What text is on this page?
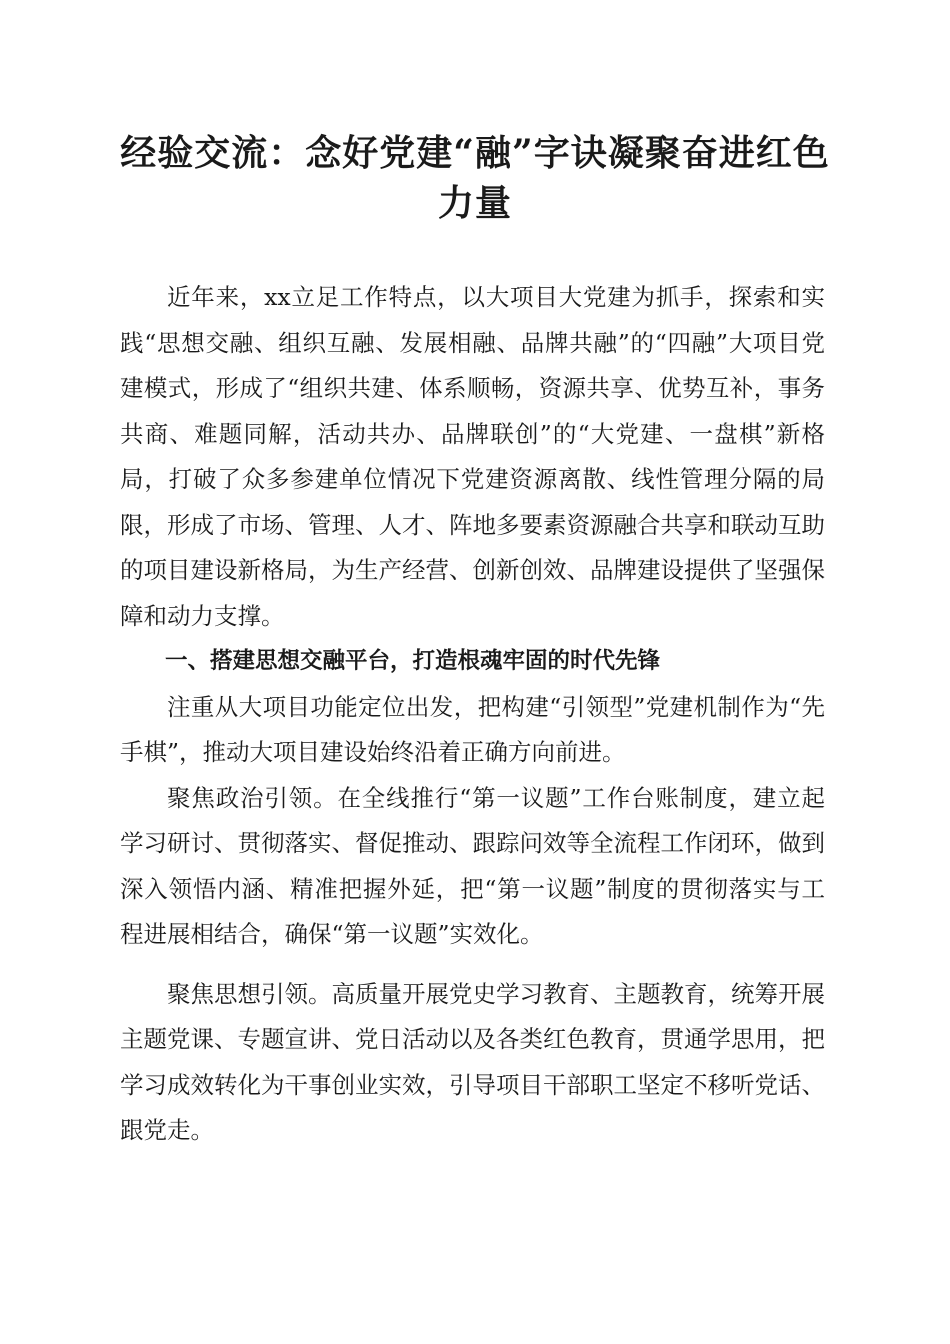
经验交流：念好党建“融”字诀凝聚奋进红色
力量

近年来，xx立足工作特点，以大项目大党建为抓手，探索和实践“思想交融、组织互融、发展相融、品牌共融”的“四融”大项目党建模式，形成了“组织共建、体系顺畅，资源共享、优势互补，事务共商、难题同解，活动共办、品牌联创”的“大党建、一盘棋”新格局，打破了众多参建单位情况下党建资源离散、线性管理分隔的局限，形成了市场、管理、人才、阵地多要素资源融合共享和联动互助的项目建设新格局，为生产经营、创新创效、品牌建设提供了坚强保障和动力支撑。

一、搭建思想交融平台，打造根魂牢固的时代先锋

注重从大项目功能定位出发，把构建“引领型”党建机制作为“先手棋”，推动大项目建设始终沿着正确方向前进。

聚焦政治引领。在全线推行“第一议题”工作台账制度，建立起学习研讨、贯彻落实、督促推动、跟踪问效等全流程工作闭环，做到深入领悟内涵、精准把握外延，把“第一议题”制度的贯彻落实与工程进展相结合，确保“第一议题”实效化。

聚焦思想引领。高质量开展党史学习教育、主题教育，统筹开展主题党课、专题宣讲、党日活动以及各类红色教育，贯通学思用，把学习成效转化为干事创业实效，引导项目干部职工坚定不移听党话、跟党走。
